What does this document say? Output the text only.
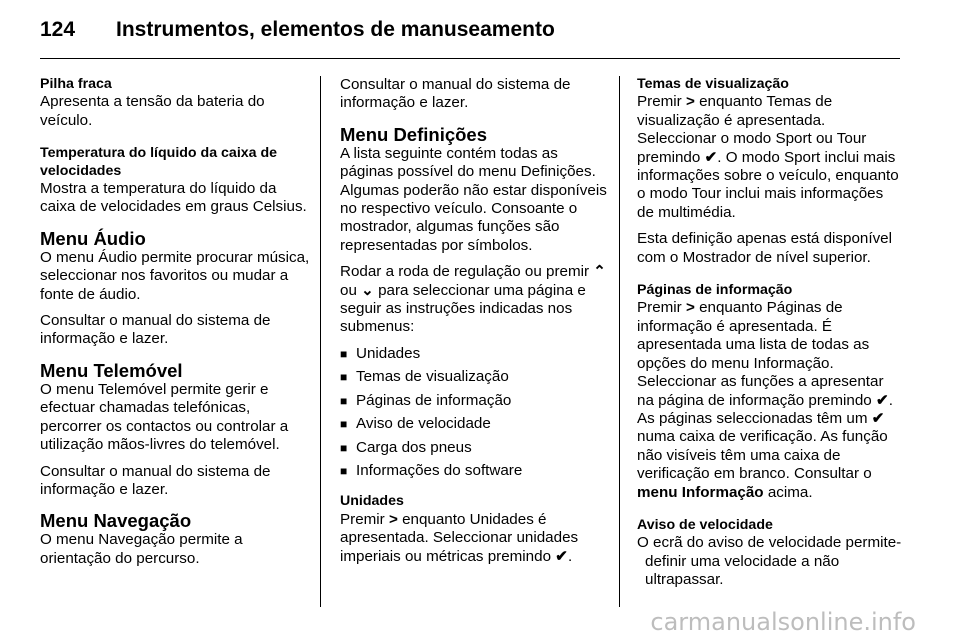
124 Instrumentos, elementos de manuseamento
Pilha fraca

Apresenta a tensão da bateria do veículo.

Temperatura do líquido da caixa de velocidades

Mostra a temperatura do líquido da caixa de velocidades em graus Celsius.

Menu Áudio

O menu Áudio permite procurar música, seleccionar nos favoritos ou mudar a fonte de áudio.

Consultar o manual do sistema de informação e lazer.

Menu Telemóvel

O menu Telemóvel permite gerir e efectuar chamadas telefónicas, percorrer os contactos ou controlar a utilização mãos-livres do telemóvel.

Consultar o manual do sistema de informação e lazer.

Menu Navegação

O menu Navegação permite a orientação do percurso.

Consultar o manual do sistema de informação e lazer.

Menu Definições

A lista seguinte contém todas as páginas possível do menu Definições. Algumas poderão não estar disponíveis no respectivo veículo. Consoante o mostrador, algumas funções são representadas por símbolos.

Rodar a roda de regulação ou premir ⌃ ou ⌄ para seleccionar uma página e seguir as instruções indicadas nos submenus:

■ Unidades
■ Temas de visualização
■ Páginas de informação
■ Aviso de velocidade
■ Carga dos pneus
■ Informações do software
Unidades

Premir > enquanto Unidades é apresentada. Seleccionar unidades imperiais ou métricas premindo ✔.

Temas de visualização

Premir > enquanto Temas de visualização é apresentada. Seleccionar o modo Sport ou Tour premindo ✔. O modo Sport inclui mais informações sobre o veículo, enquanto o modo Tour inclui mais informações de multimédia.

Esta definição apenas está disponível com o Mostrador de nível superior.

Páginas de informação

Premir > enquanto Páginas de informação é apresentada. É apresentada uma lista de todas as opções do menu Informação. Seleccionar as funções a apresentar na página de informação premindo ✔. As páginas seleccionadas têm um ✔ numa caixa de verificação. As função não visíveis têm uma caixa de verificação em branco. Consultar o menu Informação acima.

Aviso de velocidade

O ecrã do aviso de velocidade permite- definir uma velocidade a não ultrapassar.

carmanualsonline.info
